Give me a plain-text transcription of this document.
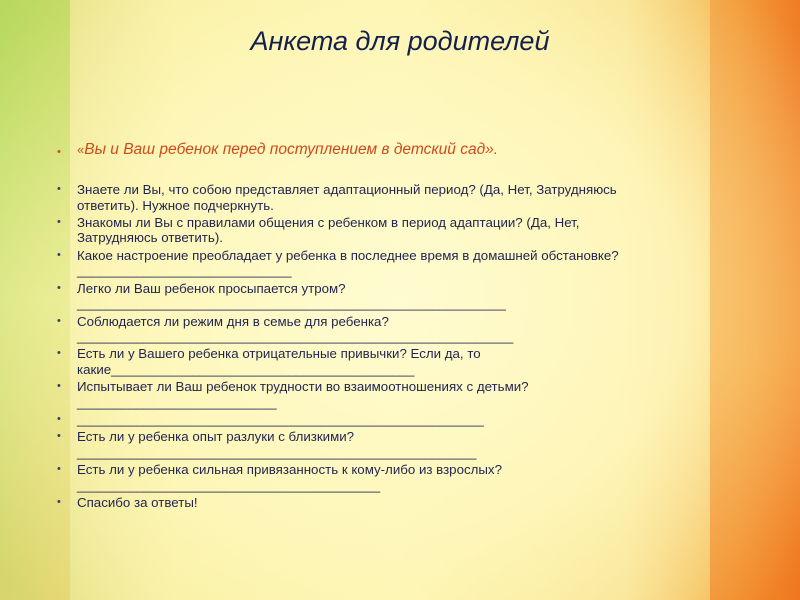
Анкета для родителей
• «Вы и Ваш ребенок перед поступлением в детский сад».
• Знаете ли Вы, что собою представляет адаптационный период? (Да, Нет, Затрудняюсь ответить). Нужное подчеркнуть.
• Знакомы ли Вы с правилами общения с ребенком в период адаптации? (Да, Нет, Затрудняюсь ответить).
• Какое настроение преобладает у ребенка в последнее время в домашней обстановке?_____________________________
• Легко ли Ваш ребенок просыпается утром?__________________________________________________________
• Соблюдается ли режим дня в семье для ребенка?___________________________________________________________
• Есть ли у Вашего ребенка отрицательные привычки? Если да, то какие_________________________________________
• Испытывает ли Ваш ребенок трудности во взаимоотношениях с детьми?___________________________
• _______________________________________________________
• Есть ли у ребенка опыт разлуки с близкими?______________________________________________________
• Есть ли у ребенка сильная привязанность к кому-либо из взрослых?_________________________________________
• Спасибо за ответы!
